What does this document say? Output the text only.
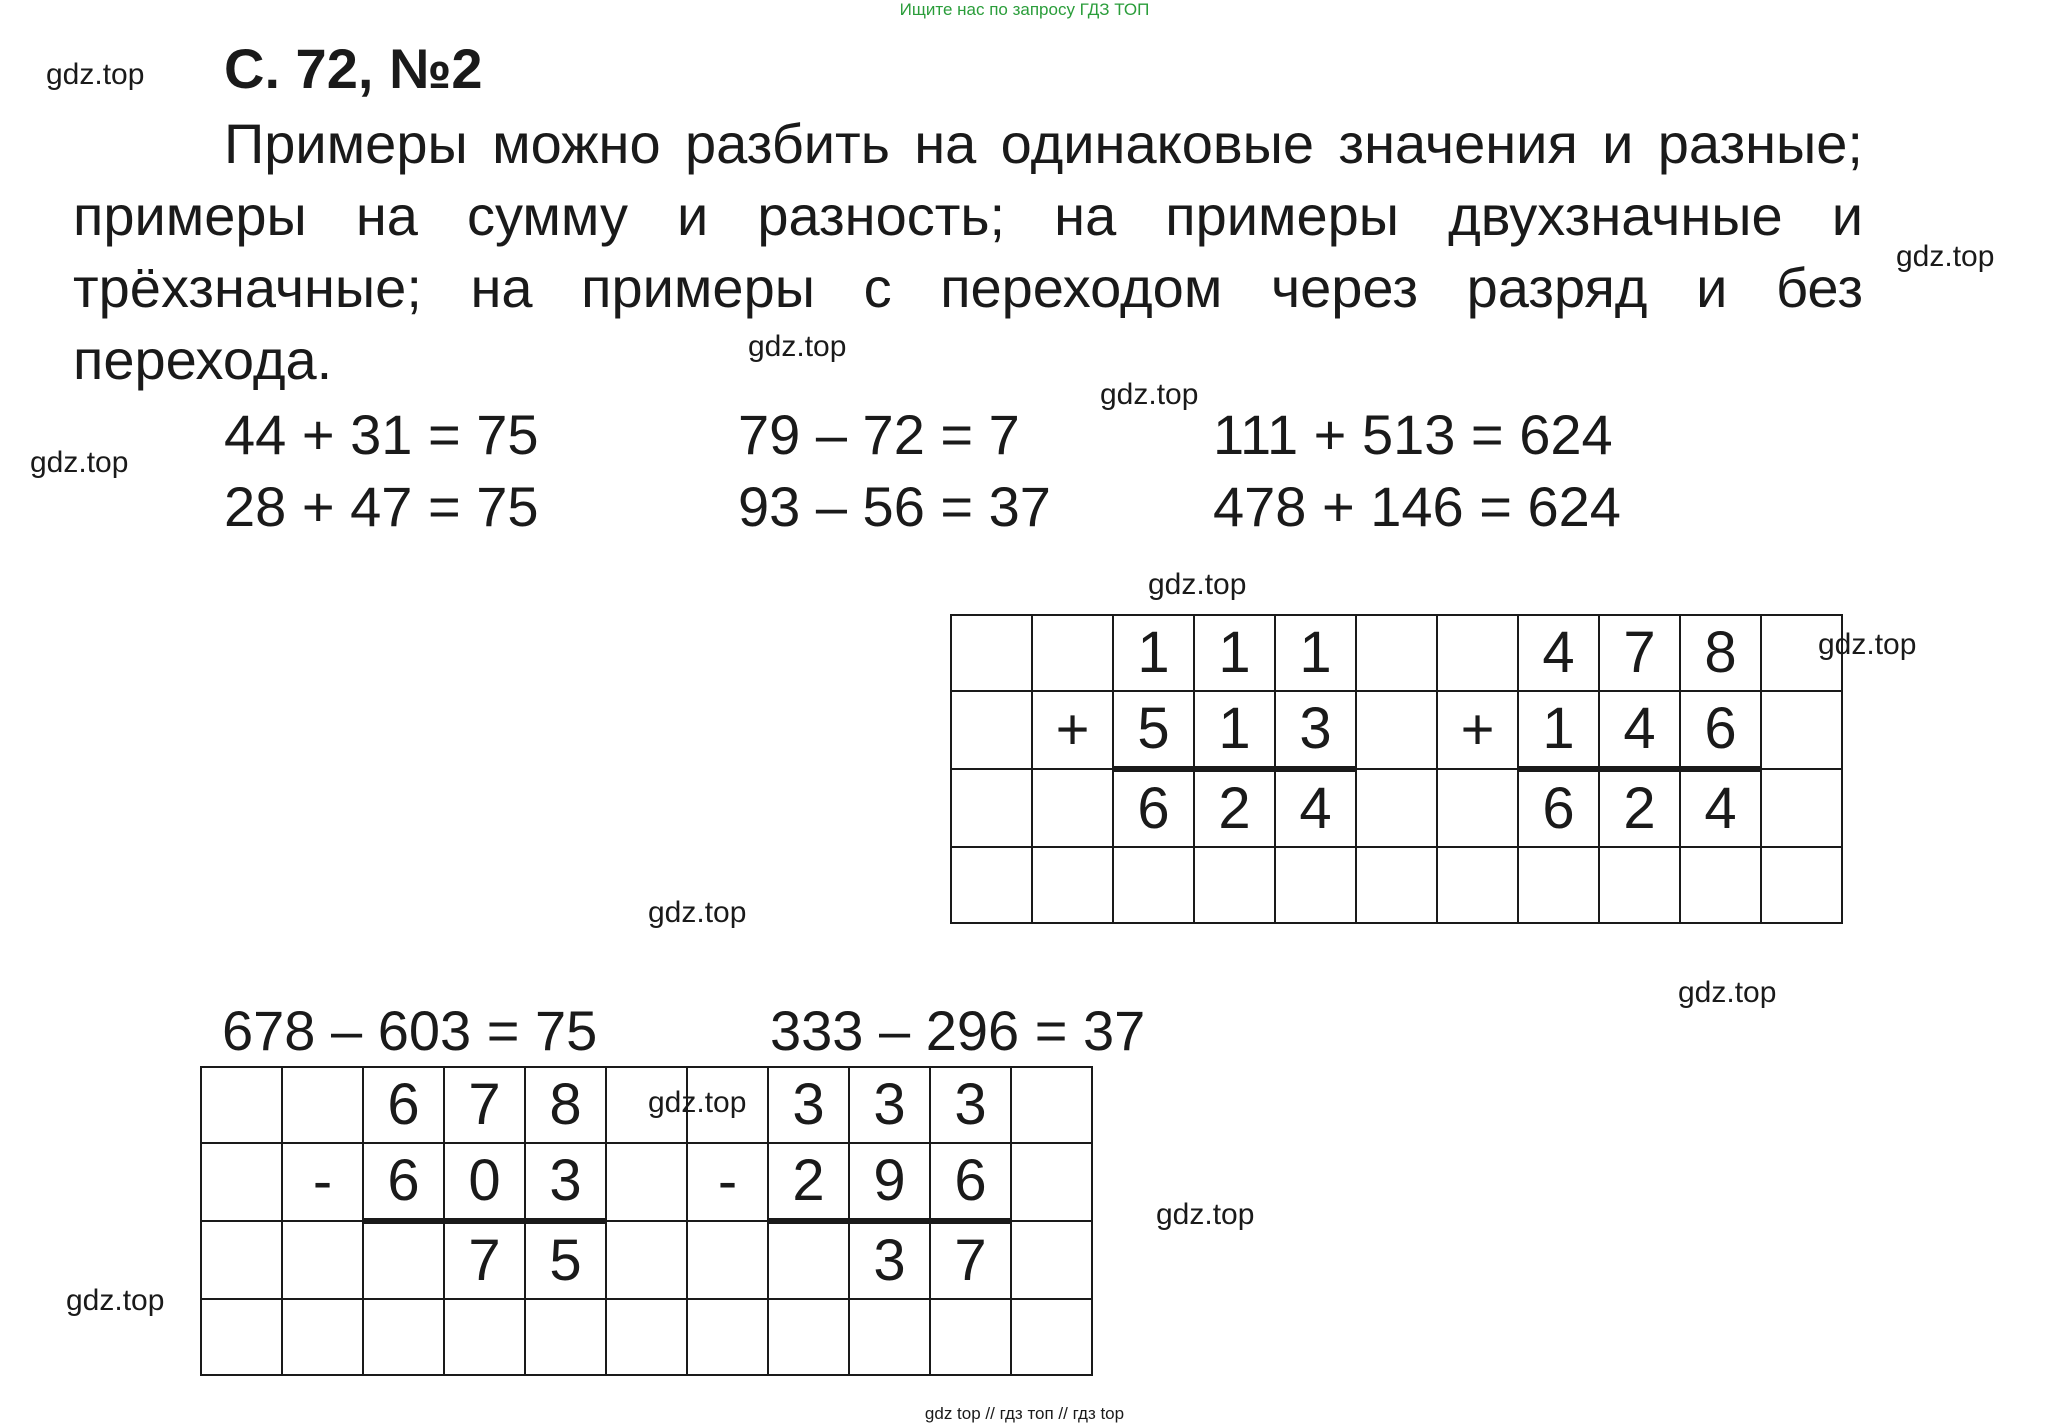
Ищите нас по запросу ГДЗ ТОП
С. 72, №2
Примеры можно разбить на одинаковые значения и разные; примеры на сумму и разность; на примеры двухзначные и трёхзначные; на примеры с переходом через разряд и без перехода.
44 + 31 = 75
28 + 47 = 75
79 – 72 = 7
93 – 56 = 37
111 + 513 = 624
478 + 146 = 624
		1	1	1			4	7	8	
	+	5	1	3		+	1	4	6	
		6	2	4			6	2	4	

678 – 603 = 75	333 – 296 = 37
		6	7	8			3	3	3	
	-	6	0	3		-	2	9	6	
			7	5				3	7	

gdz.top
gdz.top
gdz.top
gdz.top
gdz.top
gdz.top
gdz.top
gdz.top
gdz.top
gdz.top
gdz.top
gdz.top
gdz top // гдз топ // гдз top
